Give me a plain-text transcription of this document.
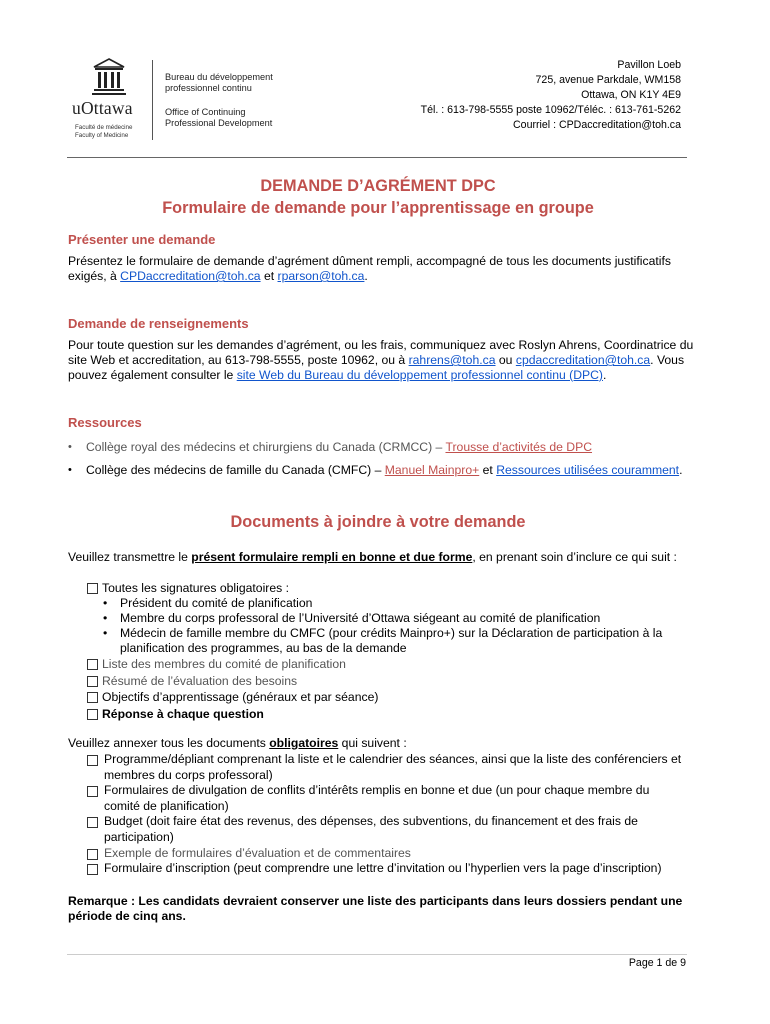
uOttawa
Faculté de médecine
Faculty of Medicine
Bureau du développement
professionnel continu
Office of Continuing
Professional Development
Pavillon Loeb
725, avenue Parkdale, WM158
Ottawa, ON K1Y 4E9
Tél. : 613-798-5555 poste 10962/Téléc. : 613-761-5262
Courriel : CPDaccreditation@toh.ca
DEMANDE D’AGRÉMENT DPC
Formulaire de demande pour l’apprentissage en groupe
Présenter une demande
Présentez le formulaire de demande d’agrément dûment rempli, accompagné de tous les documents justificatifs exigés, à CPDaccreditation@toh.ca et rparson@toh.ca.
Demande de renseignements
Pour toute question sur les demandes d’agrément, ou les frais, communiquez avec Roslyn Ahrens, Coordinatrice du site Web et accreditation, au 613-798-5555, poste 10962, ou à rahrens@toh.ca ou cpdaccreditation@toh.ca. Vous pouvez également consulter le site Web du Bureau du développement professionnel continu (DPC).
Ressources
• Collège royal des médecins et chirurgiens du Canada (CRMCC) – Trousse d’activités de DPC
• Collège des médecins de famille du Canada (CMFC) – Manuel Mainpro+ et Ressources utilisées couramment.
Documents à joindre à votre demande
Veuillez transmettre le présent formulaire rempli en bonne et due forme, en prenant soin d’inclure ce qui suit :
Toutes les signatures obligatoires :
• Président du comité de planification
• Membre du corps professoral de l’Université d’Ottawa siégeant au comité de planification
• Médecin de famille membre du CMFC (pour crédits Mainpro+) sur la Déclaration de participation à la planification des programmes, au bas de la demande
Liste des membres du comité de planification
Résumé de l’évaluation des besoins
Objectifs d’apprentissage (généraux et par séance)
Réponse à chaque question
Veuillez annexer tous les documents obligatoires qui suivent :
Programme/dépliant comprenant la liste et le calendrier des séances, ainsi que la liste des conférenciers et membres du corps professoral)
Formulaires de divulgation de conflits d’intérêts remplis en bonne et due (un pour chaque membre du comité de planification)
Budget (doit faire état des revenus, des dépenses, des subventions, du financement et des frais de participation)
Exemple de formulaires d’évaluation et de commentaires
Formulaire d’inscription (peut comprendre une lettre d’invitation ou l’hyperlien vers la page d’inscription)
Remarque : Les candidats devraient conserver une liste des participants dans leurs dossiers pendant une période de cinq ans.
Page 1 de 9
